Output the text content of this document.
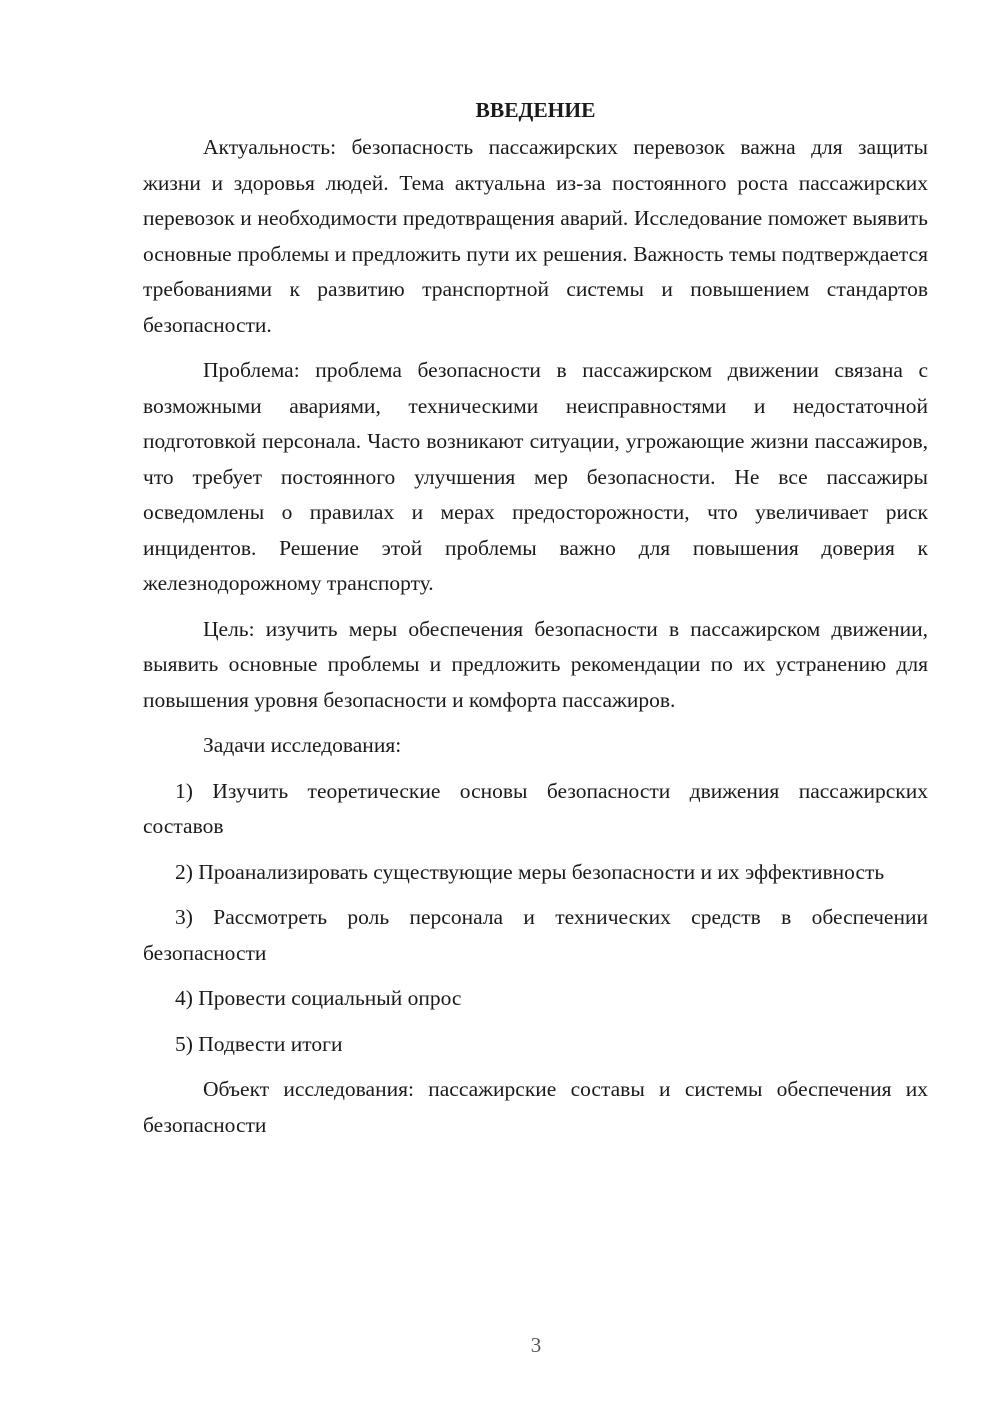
ВВЕДЕНИЕ

Актуальность: безопасность пассажирских перевозок важна для защиты жизни и здоровья людей. Тема актуальна из-за постоянного роста пассажирских перевозок и необходимости предотвращения аварий. Исследование поможет выявить основные проблемы и предложить пути их решения. Важность темы подтверждается требованиями к развитию транспортной системы и повышением стандартов безопасности.

Проблема: проблема безопасности в пассажирском движении связана с возможными авариями, техническими неисправностями и недостаточной подготовкой персонала. Часто возникают ситуации, угрожающие жизни пассажиров, что требует постоянного улучшения мер безопасности. Не все пассажиры осведомлены о правилах и мерах предосторожности, что увеличивает риск инцидентов. Решение этой проблемы важно для повышения доверия к железнодорожному транспорту.

Цель: изучить меры обеспечения безопасности в пассажирском движении, выявить основные проблемы и предложить рекомендации по их устранению для повышения уровня безопасности и комфорта пассажиров.

Задачи исследования:

1) Изучить теоретические основы безопасности движения пассажирских составов

2) Проанализировать существующие меры безопасности и их эффективность

3) Рассмотреть роль персонала и технических средств в обеспечении безопасности

4) Провести социальный опрос

5) Подвести итоги

Объект исследования: пассажирские составы и системы обеспечения их безопасности

3
